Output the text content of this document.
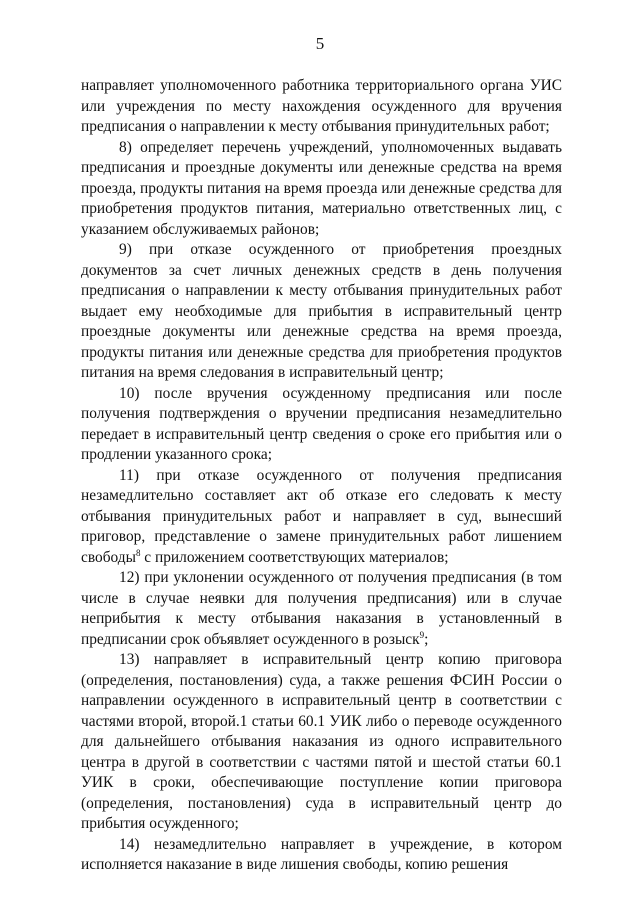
5

направляет уполномоченного работника территориального органа УИС или учреждения по месту нахождения осужденного для вручения предписания о направлении к месту отбывания принудительных работ;

8) определяет перечень учреждений, уполномоченных выдавать предписания и проездные документы или денежные средства на время проезда, продукты питания на время проезда или денежные средства для приобретения продуктов питания, материально ответственных лиц, с указанием обслуживаемых районов;

9) при отказе осужденного от приобретения проездных документов за счет личных денежных средств в день получения предписания о направлении к месту отбывания принудительных работ выдает ему необходимые для прибытия в исправительный центр проездные документы или денежные средства на время проезда, продукты питания или денежные средства для приобретения продуктов питания на время следования в исправительный центр;

10) после вручения осужденному предписания или после получения подтверждения о вручении предписания незамедлительно передает в исправительный центр сведения о сроке его прибытия или о продлении указанного срока;

11) при отказе осужденного от получения предписания незамедлительно составляет акт об отказе его следовать к месту отбывания принудительных работ и направляет в суд, вынесший приговор, представление о замене принудительных работ лишением свободы$^8$ с приложением соответствующих материалов;

12) при уклонении осужденного от получения предписания (в том числе в случае неявки для получения предписания) или в случае неприбытия к месту отбывания наказания в установленный в предписании срок объявляет осужденного в розыск$^9$;

13) направляет в исправительный центр копию приговора (определения, постановления) суда, а также решения ФСИН России о направлении осужденного в исправительный центр в соответствии с частями второй, второй.1 статьи 60.1 УИК либо о переводе осужденного для дальнейшего отбывания наказания из одного исправительного центра в другой в соответствии с частями пятой и шестой статьи 60.1 УИК в сроки, обеспечивающие поступление копии приговора (определения, постановления) суда в исправительный центр до прибытия осужденного;

14) незамедлительно направляет в учреждение, в котором исполняется наказание в виде лишения свободы, копию решения
